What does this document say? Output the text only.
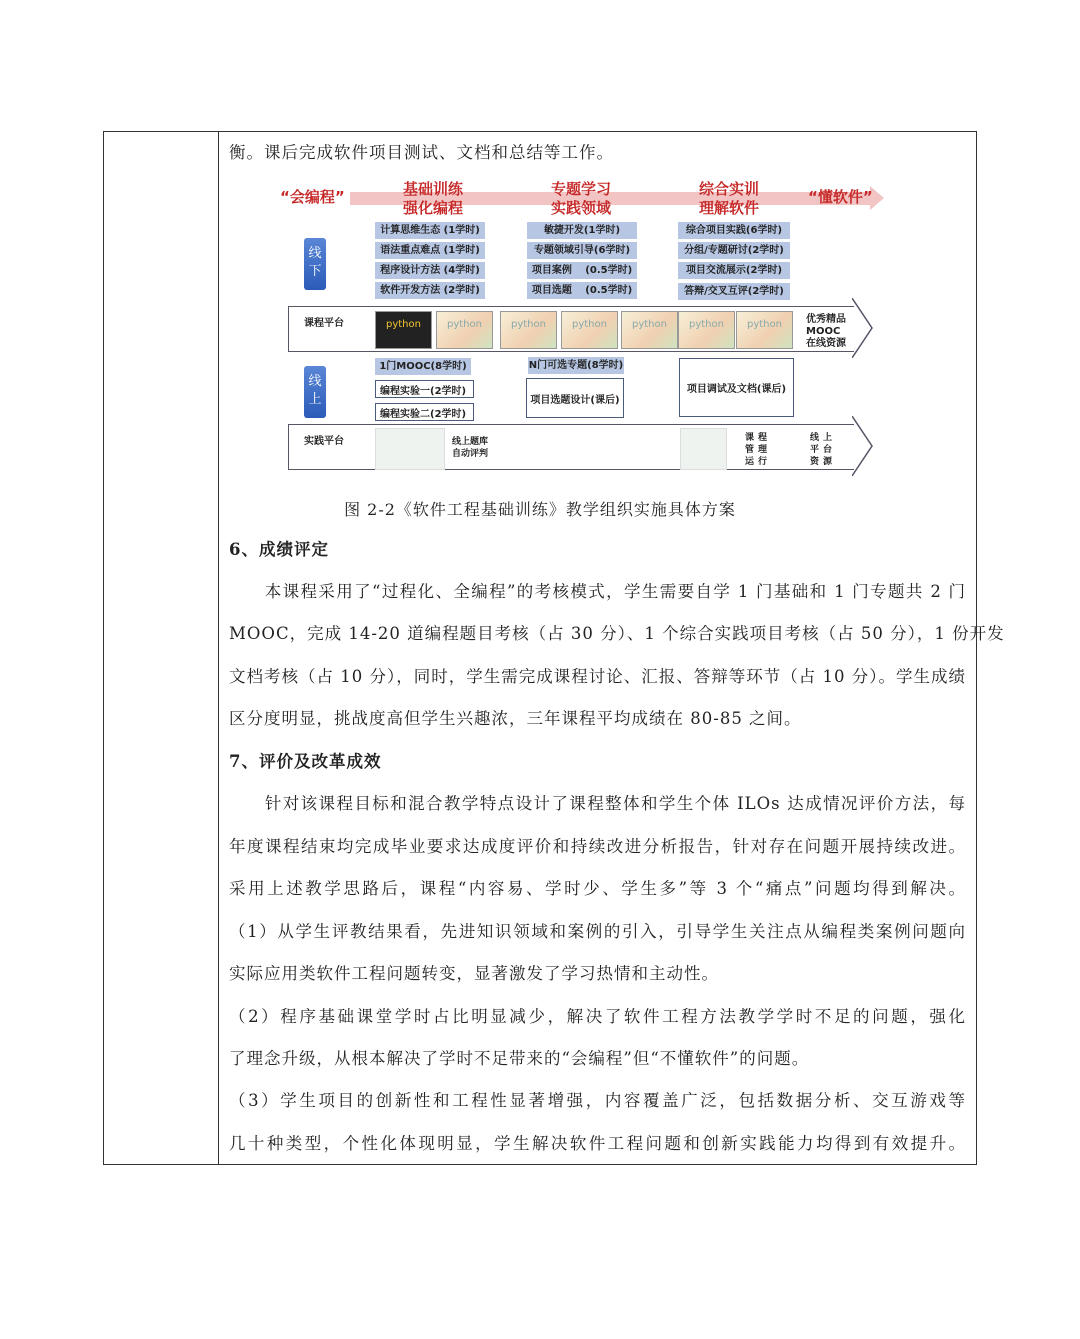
衡。课后完成软件项目测试、文档和总结等工作。
“会编程”	“懂软件”
基础训练
强化编程
专题学习
实践领域
综合实训
理解软件
线下
计算思维生态 (1学时)
语法重点难点 (1学时)
程序设计方法 (4学时)
软件开发方法 (2学时)
敏捷开发(1学时)
专题领域引导(6学时)
项目案例　 (0.5学时)
项目选题　 (0.5学时)
综合项目实践(6学时)
分组/专题研讨(2学时)
项目交流展示(2学时)
答辩/交叉互评(2学时)
课程平台	python	python	python	python	python	python	python	优秀精品MOOC在线资源
线上
1门MOOC(8学时)
编程实验一(2学时)
编程实验二(2学时)
N门可选专题(8学时)
项目选题设计(课后)
项目调试及文档(课后)
实践平台	线上题库自动评判
课程管理运行
线上平台资源
图 2-2《软件工程基础训练》教学组织实施具体方案
6、成绩评定
　　本课程采用了“过程化、全编程”的考核模式，学生需要自学 1 门基础和 1 门专题共 2 门
MOOC，完成 14-20 道编程题目考核（占 30 分）、1 个综合实践项目考核（占 50 分），1 份开发
文档考核（占 10 分），同时，学生需完成课程讨论、汇报、答辩等环节（占 10 分）。学生成绩
区分度明显，挑战度高但学生兴趣浓，三年课程平均成绩在 80-85 之间。
7、评价及改革成效
　　针对该课程目标和混合教学特点设计了课程整体和学生个体 ILOs 达成情况评价方法，每
年度课程结束均完成毕业要求达成度评价和持续改进分析报告，针对存在问题开展持续改进。
采用上述教学思路后，课程“内容易、学时少、学生多”等 3 个“痛点”问题均得到解决。
（1）从学生评教结果看，先进知识领域和案例的引入，引导学生关注点从编程类案例问题向
实际应用类软件工程问题转变，显著激发了学习热情和主动性。
（2）程序基础课堂学时占比明显减少，解决了软件工程方法教学学时不足的问题，强化
了理念升级，从根本解决了学时不足带来的“会编程”但“不懂软件”的问题。
（3）学生项目的创新性和工程性显著增强，内容覆盖广泛，包括数据分析、交互游戏等
几十种类型，个性化体现明显，学生解决软件工程问题和创新实践能力均得到有效提升。
